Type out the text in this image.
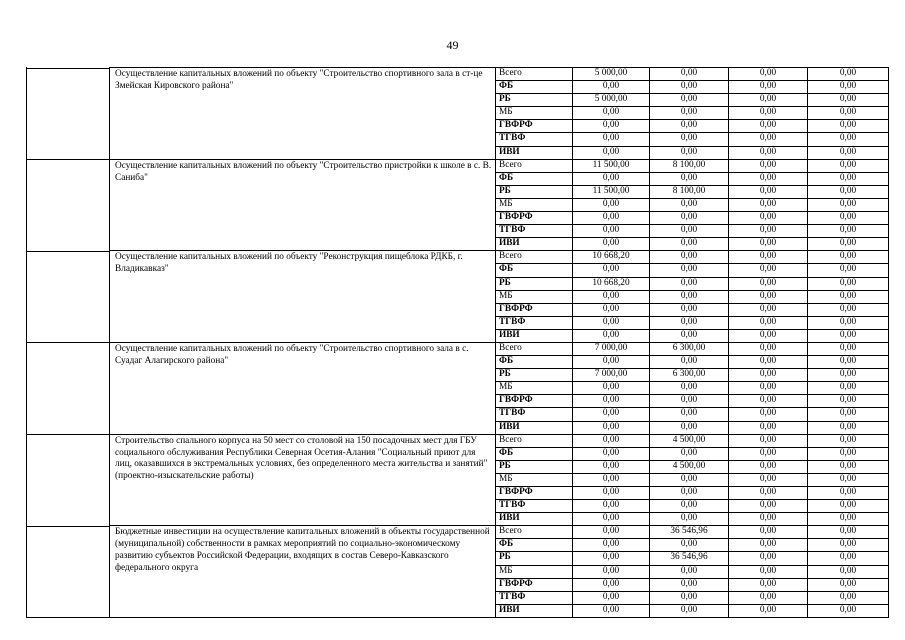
49
Осуществление капитальных вложений по объекту "Строительство спортивного зала в ст-це Змейская Кировского района"	Всего	5 000,00	0,00	0,00	0,00
	ФБ	0,00	0,00	0,00	0,00
	РБ	5 000,00	0,00	0,00	0,00
	МБ	0,00	0,00	0,00	0,00
	ГВФРФ	0,00	0,00	0,00	0,00
	ТГВФ	0,00	0,00	0,00	0,00
	ИВИ	0,00	0,00	0,00	0,00
Осуществление капитальных вложений по объекту "Строительство пристройки к школе в с. В. Саниба"	Всего	11 500,00	8 100,00	0,00	0,00
	ФБ	0,00	0,00	0,00	0,00
	РБ	11 500,00	8 100,00	0,00	0,00
	МБ	0,00	0,00	0,00	0,00
	ГВФРФ	0,00	0,00	0,00	0,00
	ТГВФ	0,00	0,00	0,00	0,00
	ИВИ	0,00	0,00	0,00	0,00
Осуществление капитальных вложений по объекту "Реконструкция пищеблока РДКБ, г. Владикавказ"	Всего	10 668,20	0,00	0,00	0,00
	ФБ	0,00	0,00	0,00	0,00
	РБ	10 668,20	0,00	0,00	0,00
	МБ	0,00	0,00	0,00	0,00
	ГВФРФ	0,00	0,00	0,00	0,00
	ТГВФ	0,00	0,00	0,00	0,00
	ИВИ	0,00	0,00	0,00	0,00
Осуществление капитальных вложений по объекту "Строительство спортивного зала в с. Суадаг Алагирского района"	Всего	7 000,00	6 300,00	0,00	0,00
	ФБ	0,00	0,00	0,00	0,00
	РБ	7 000,00	6 300,00	0,00	0,00
	МБ	0,00	0,00	0,00	0,00
	ГВФРФ	0,00	0,00	0,00	0,00
	ТГВФ	0,00	0,00	0,00	0,00
	ИВИ	0,00	0,00	0,00	0,00
Строительство спального корпуса на 50 мест со столовой на 150 посадочных мест для ГБУ социального обслуживания Республики Северная Осетия-Алания "Социальный приют для лиц, оказавшихся в экстремальных условиях, без определенного места жительства и занятий" (проектно-изыскательские работы)	Всего	0,00	4 500,00	0,00	0,00
	ФБ	0,00	0,00	0,00	0,00
	РБ	0,00	4 500,00	0,00	0,00
	МБ	0,00	0,00	0,00	0,00
	ГВФРФ	0,00	0,00	0,00	0,00
	ТГВФ	0,00	0,00	0,00	0,00
	ИВИ	0,00	0,00	0,00	0,00
Бюджетные инвестиции на осуществление капитальных вложений в объекты государственной (муниципальной) собственности в рамках мероприятий по социально-экономическому развитию субъектов Российской Федерации, входящих в состав Северо-Кавказского федерального округа	Всего	0,00	36 546,96	0,00	0,00
	ФБ	0,00	0,00	0,00	0,00
	РБ	0,00	36 546,96	0,00	0,00
	МБ	0,00	0,00	0,00	0,00
	ГВФРФ	0,00	0,00	0,00	0,00
	ТГВФ	0,00	0,00	0,00	0,00
	ИВИ	0,00	0,00	0,00	0,00
